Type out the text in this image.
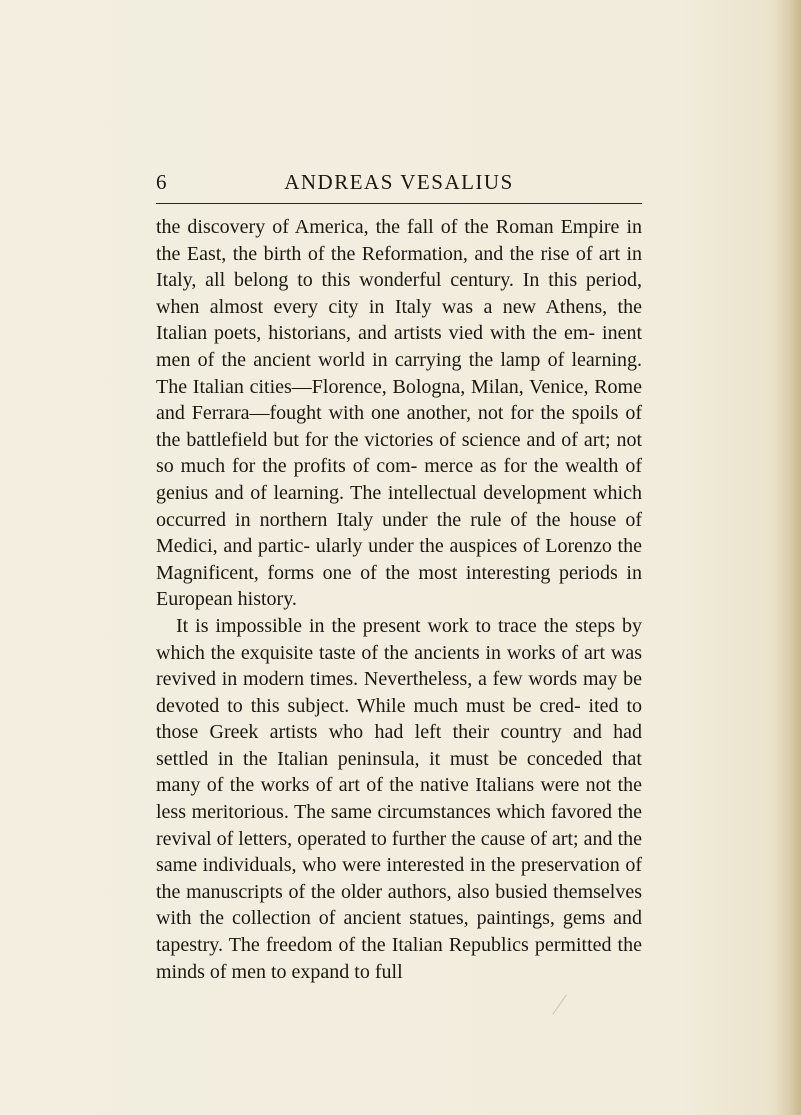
6	ANDREAS VESALIUS

the discovery of America, the fall of the Roman Empire in the East, the birth of the Reformation, and the rise of art in Italy, all belong to this wonderful century. In this period, when almost every city in Italy was a new Athens, the Italian poets, historians, and artists vied with the em- inent men of the ancient world in carrying the lamp of learning. The Italian cities—Florence, Bologna, Milan, Venice, Rome and Ferrara—fought with one another, not for the spoils of the battlefield but for the victories of science and of art; not so much for the profits of com- merce as for the wealth of genius and of learning. The intellectual development which occurred in northern Italy under the rule of the house of Medici, and partic- ularly under the auspices of Lorenzo the Magnificent, forms one of the most interesting periods in European history.

It is impossible in the present work to trace the steps by which the exquisite taste of the ancients in works of art was revived in modern times. Nevertheless, a few words may be devoted to this subject. While much must be cred- ited to those Greek artists who had left their country and had settled in the Italian peninsula, it must be conceded that many of the works of art of the native Italians were not the less meritorious. The same circumstances which favored the revival of letters, operated to further the cause of art; and the same individuals, who were interested in the preservation of the manuscripts of the older authors, also busied themselves with the collection of ancient statues, paintings, gems and tapestry. The freedom of the Italian Republics permitted the minds of men to expand to full
